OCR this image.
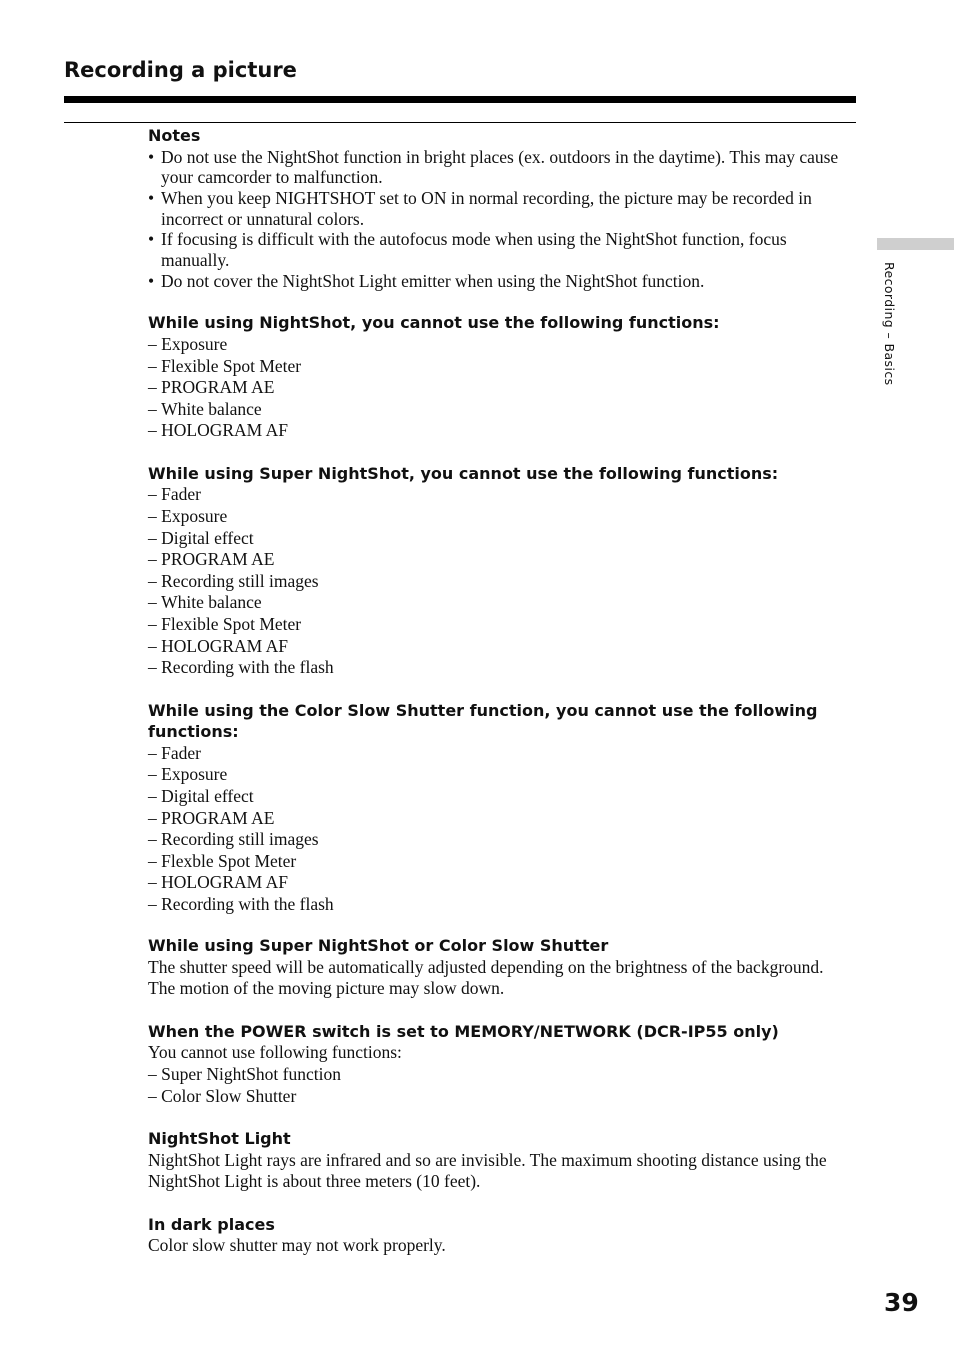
Recording a picture
Recording – Basics
Notes

• Do not use the NightShot function in bright places (ex. outdoors in the daytime). This may cause your camcorder to malfunction.

• When you keep NIGHTSHOT set to ON in normal recording, the picture may be recorded in incorrect or unnatural colors.

• If focusing is difficult with the autofocus mode when using the NightShot function, focus manually.

• Do not cover the NightShot Light emitter when using the NightShot function.

While using NightShot, you cannot use the following functions:

– Exposure

– Flexible Spot Meter

– PROGRAM AE

– White balance

– HOLOGRAM AF

While using Super NightShot, you cannot use the following functions:

– Fader

– Exposure

– Digital effect

– PROGRAM AE

– Recording still images

– White balance

– Flexible Spot Meter

– HOLOGRAM AF

– Recording with the flash

While using the Color Slow Shutter function, you cannot use the following functions:

– Fader

– Exposure

– Digital effect

– PROGRAM AE

– Recording still images

– Flexble Spot Meter

– HOLOGRAM AF

– Recording with the flash

While using Super NightShot or Color Slow Shutter

The shutter speed will be automatically adjusted depending on the brightness of the background. The motion of the moving picture may slow down.

When the POWER switch is set to MEMORY/NETWORK (DCR-IP55 only)

You cannot use following functions:

– Super NightShot function

– Color Slow Shutter

NightShot Light

NightShot Light rays are infrared and so are invisible. The maximum shooting distance using the NightShot Light is about three meters (10 feet).

In dark places

Color slow shutter may not work properly.

39
